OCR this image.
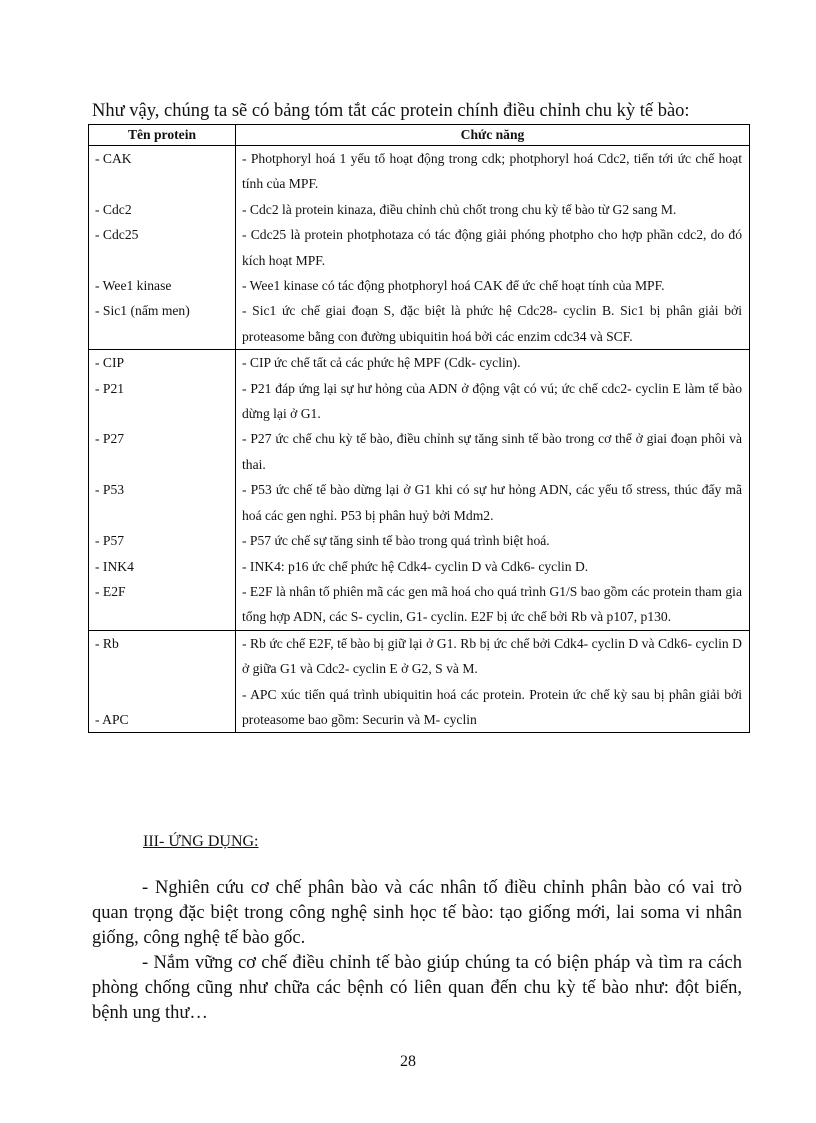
Như vậy, chúng ta sẽ có bảng tóm tắt các protein chính điều chỉnh chu kỳ tế bào:
Tên protein	Chức năng
- CAK	- Photphoryl hoá 1 yếu tố hoạt động trong cdk; photphoryl hoá Cdc2, tiến tới ức chế hoạt tính của MPF.
- Cdc2	- Cdc2 là protein kinaza, điều chỉnh chủ chốt trong chu kỳ tế bào từ G2 sang M.
- Cdc25	- Cdc25 là protein photphotaza có tác động giải phóng photpho cho hợp phần cdc2, do đó kích hoạt MPF.
- Wee1 kinase	- Wee1 kinase có tác động photphoryl hoá CAK để ức chế hoạt tính của MPF.
- Sic1 (nấm men)	- Sic1 ức chế giai đoạn S, đặc biệt là phức hệ Cdc28- cyclin B. Sic1 bị phân giải bởi proteasome bằng con đường ubiquitin hoá bởi các enzim cdc34 và SCF.
- CIP	- CIP ức chế tất cả các phức hệ MPF (Cdk- cyclin).
- P21	- P21 đáp ứng lại sự hư hỏng của ADN ở động vật có vú; ức chế cdc2- cyclin E làm tế bào dừng lại ở G1.
- P27	- P27 ức chế chu kỳ tế bào, điều chỉnh sự tăng sinh tế bào trong cơ thể ở giai đoạn phôi và thai.
- P53	- P53 ức chế tế bào dừng lại ở G1 khi có sự hư hỏng ADN, các yếu tố stress, thúc đẩy mã hoá các gen nghỉ. P53 bị phân huỷ bởi Mdm2.
- P57	- P57 ức chế sự tăng sinh tế bào trong quá trình biệt hoá.
- INK4	- INK4: p16 ức chế phức hệ Cdk4- cyclin D và Cdk6- cyclin D.
- E2F	- E2F là nhân tố phiên mã các gen mã hoá cho quá trình G1/S bao gồm các protein tham gia tổng hợp ADN, các S- cyclin, G1- cyclin. E2F bị ức chế bởi Rb và p107, p130.
- Rb	- Rb ức chế E2F, tế bào bị giữ lại ở G1. Rb bị ức chế bởi Cdk4- cyclin D và Cdk6- cyclin D ở giữa G1 và Cdc2- cyclin E ở G2, S và M.

- APC	- APC xúc tiến quá trình ubiquitin hoá các protein. Protein ức chế kỳ sau bị phân giải bởi proteasome bao gồm: Securin và M- cyclin
III- ỨNG DỤNG:

- Nghiên cứu cơ chế phân bào và các nhân tố điều chỉnh phân bào có vai trò quan trọng đặc biệt trong công nghệ sinh học tế bào: tạo giống mới, lai soma vi nhân giống, công nghệ tế bào gốc.

- Nắm vững cơ chế điều chỉnh tế bào giúp chúng ta có biện pháp và tìm ra cách phòng chống cũng như chữa các bệnh có liên quan đến chu kỳ tế bào như: đột biến, bệnh ung thư…

28
